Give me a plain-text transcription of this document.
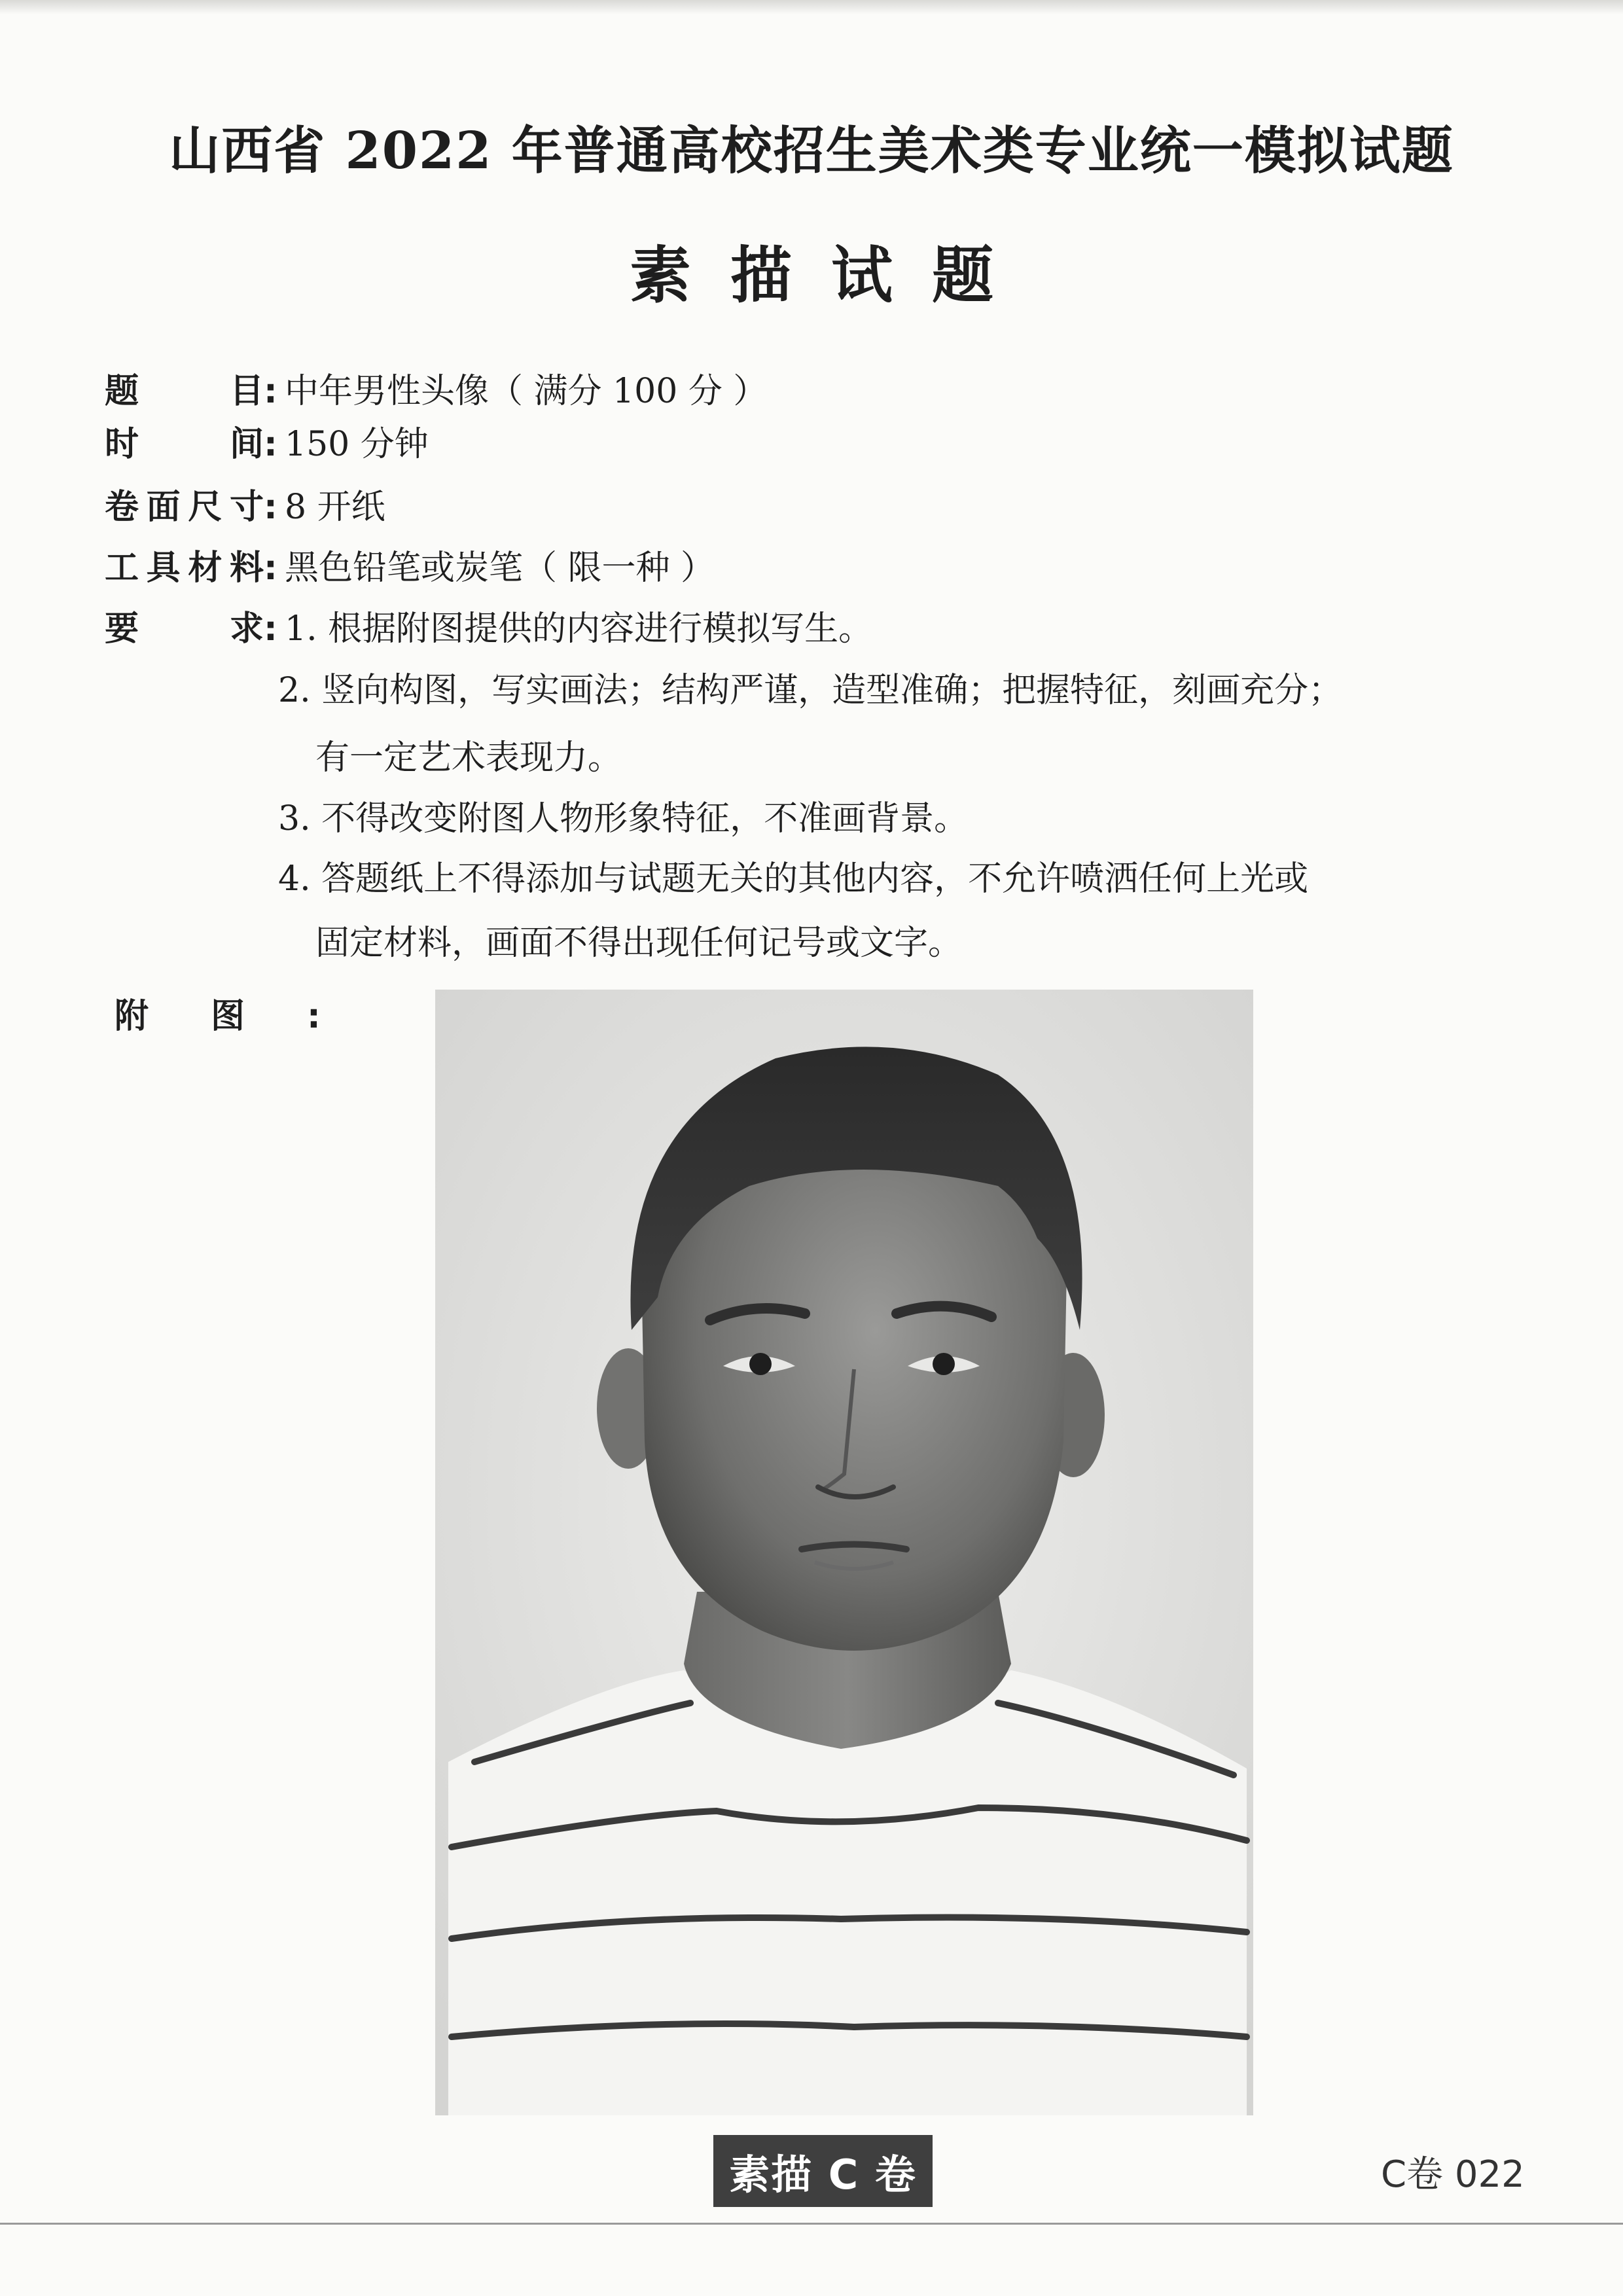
山西省 2022 年普通高校招生美术类专业统一模拟试题
素描试题
题目: 中年男性头像（ 满分 100 分 ）
时间: 150 分钟
卷面尺寸: 8 开纸
工具材料: 黑色铅笔或炭笔（ 限一种 ）
要求: 1. 根据附图提供的内容进行模拟写生。
2. 竖向构图，写实画法；结构严谨，造型准确；把握特征，刻画充分；
有一定艺术表现力。
3. 不得改变附图人物形象特征，不准画背景。
4. 答题纸上不得添加与试题无关的其他内容，不允许喷洒任何上光或
固定材料，画面不得出现任何记号或文字。
附图:
素描 C 卷	C卷 022
